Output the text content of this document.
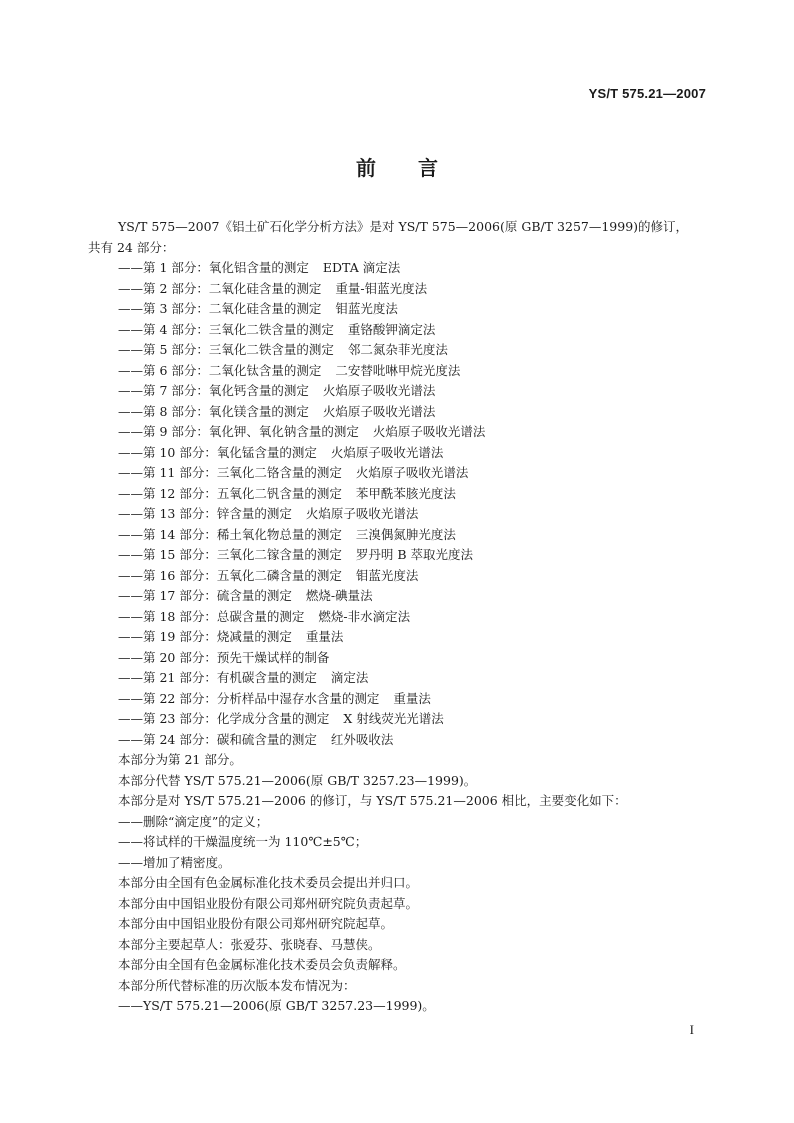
YS/T 575.21—2007
前 言
YS/T 575—2007《铝土矿石化学分析方法》是对 YS/T 575—2006(原 GB/T 3257—1999)的修订，
共有 24 部分：
——第 1 部分：氧化铝含量的测定 EDTA 滴定法
——第 2 部分：二氧化硅含量的测定 重量-钼蓝光度法
——第 3 部分：二氧化硅含量的测定 钼蓝光度法
——第 4 部分：三氧化二铁含量的测定 重铬酸钾滴定法
——第 5 部分：三氧化二铁含量的测定 邻二氮杂菲光度法
——第 6 部分：二氧化钛含量的测定 二安替吡啉甲烷光度法
——第 7 部分：氧化钙含量的测定 火焰原子吸收光谱法
——第 8 部分：氧化镁含量的测定 火焰原子吸收光谱法
——第 9 部分：氧化钾、氧化钠含量的测定 火焰原子吸收光谱法
——第 10 部分：氧化锰含量的测定 火焰原子吸收光谱法
——第 11 部分：三氧化二铬含量的测定 火焰原子吸收光谱法
——第 12 部分：五氧化二钒含量的测定 苯甲酰苯胲光度法
——第 13 部分：锌含量的测定 火焰原子吸收光谱法
——第 14 部分：稀土氧化物总量的测定 三溴偶氮胂光度法
——第 15 部分：三氧化二镓含量的测定 罗丹明 B 萃取光度法
——第 16 部分：五氧化二磷含量的测定 钼蓝光度法
——第 17 部分：硫含量的测定 燃烧-碘量法
——第 18 部分：总碳含量的测定 燃烧-非水滴定法
——第 19 部分：烧减量的测定 重量法
——第 20 部分：预先干燥试样的制备
——第 21 部分：有机碳含量的测定 滴定法
——第 22 部分：分析样品中湿存水含量的测定 重量法
——第 23 部分：化学成分含量的测定 X 射线荧光光谱法
——第 24 部分：碳和硫含量的测定 红外吸收法
本部分为第 21 部分。
本部分代替 YS/T 575.21—2006(原 GB/T 3257.23—1999)。
本部分是对 YS/T 575.21—2006 的修订，与 YS/T 575.21—2006 相比，主要变化如下：
——删除“滴定度”的定义；
——将试样的干燥温度统一为 110℃±5℃；
——增加了精密度。
本部分由全国有色金属标准化技术委员会提出并归口。
本部分由中国铝业股份有限公司郑州研究院负责起草。
本部分由中国铝业股份有限公司郑州研究院起草。
本部分主要起草人：张爱芬、张晓春、马慧侠。
本部分由全国有色金属标准化技术委员会负责解释。
本部分所代替标准的历次版本发布情况为：
——YS/T 575.21—2006(原 GB/T 3257.23—1999)。
I
